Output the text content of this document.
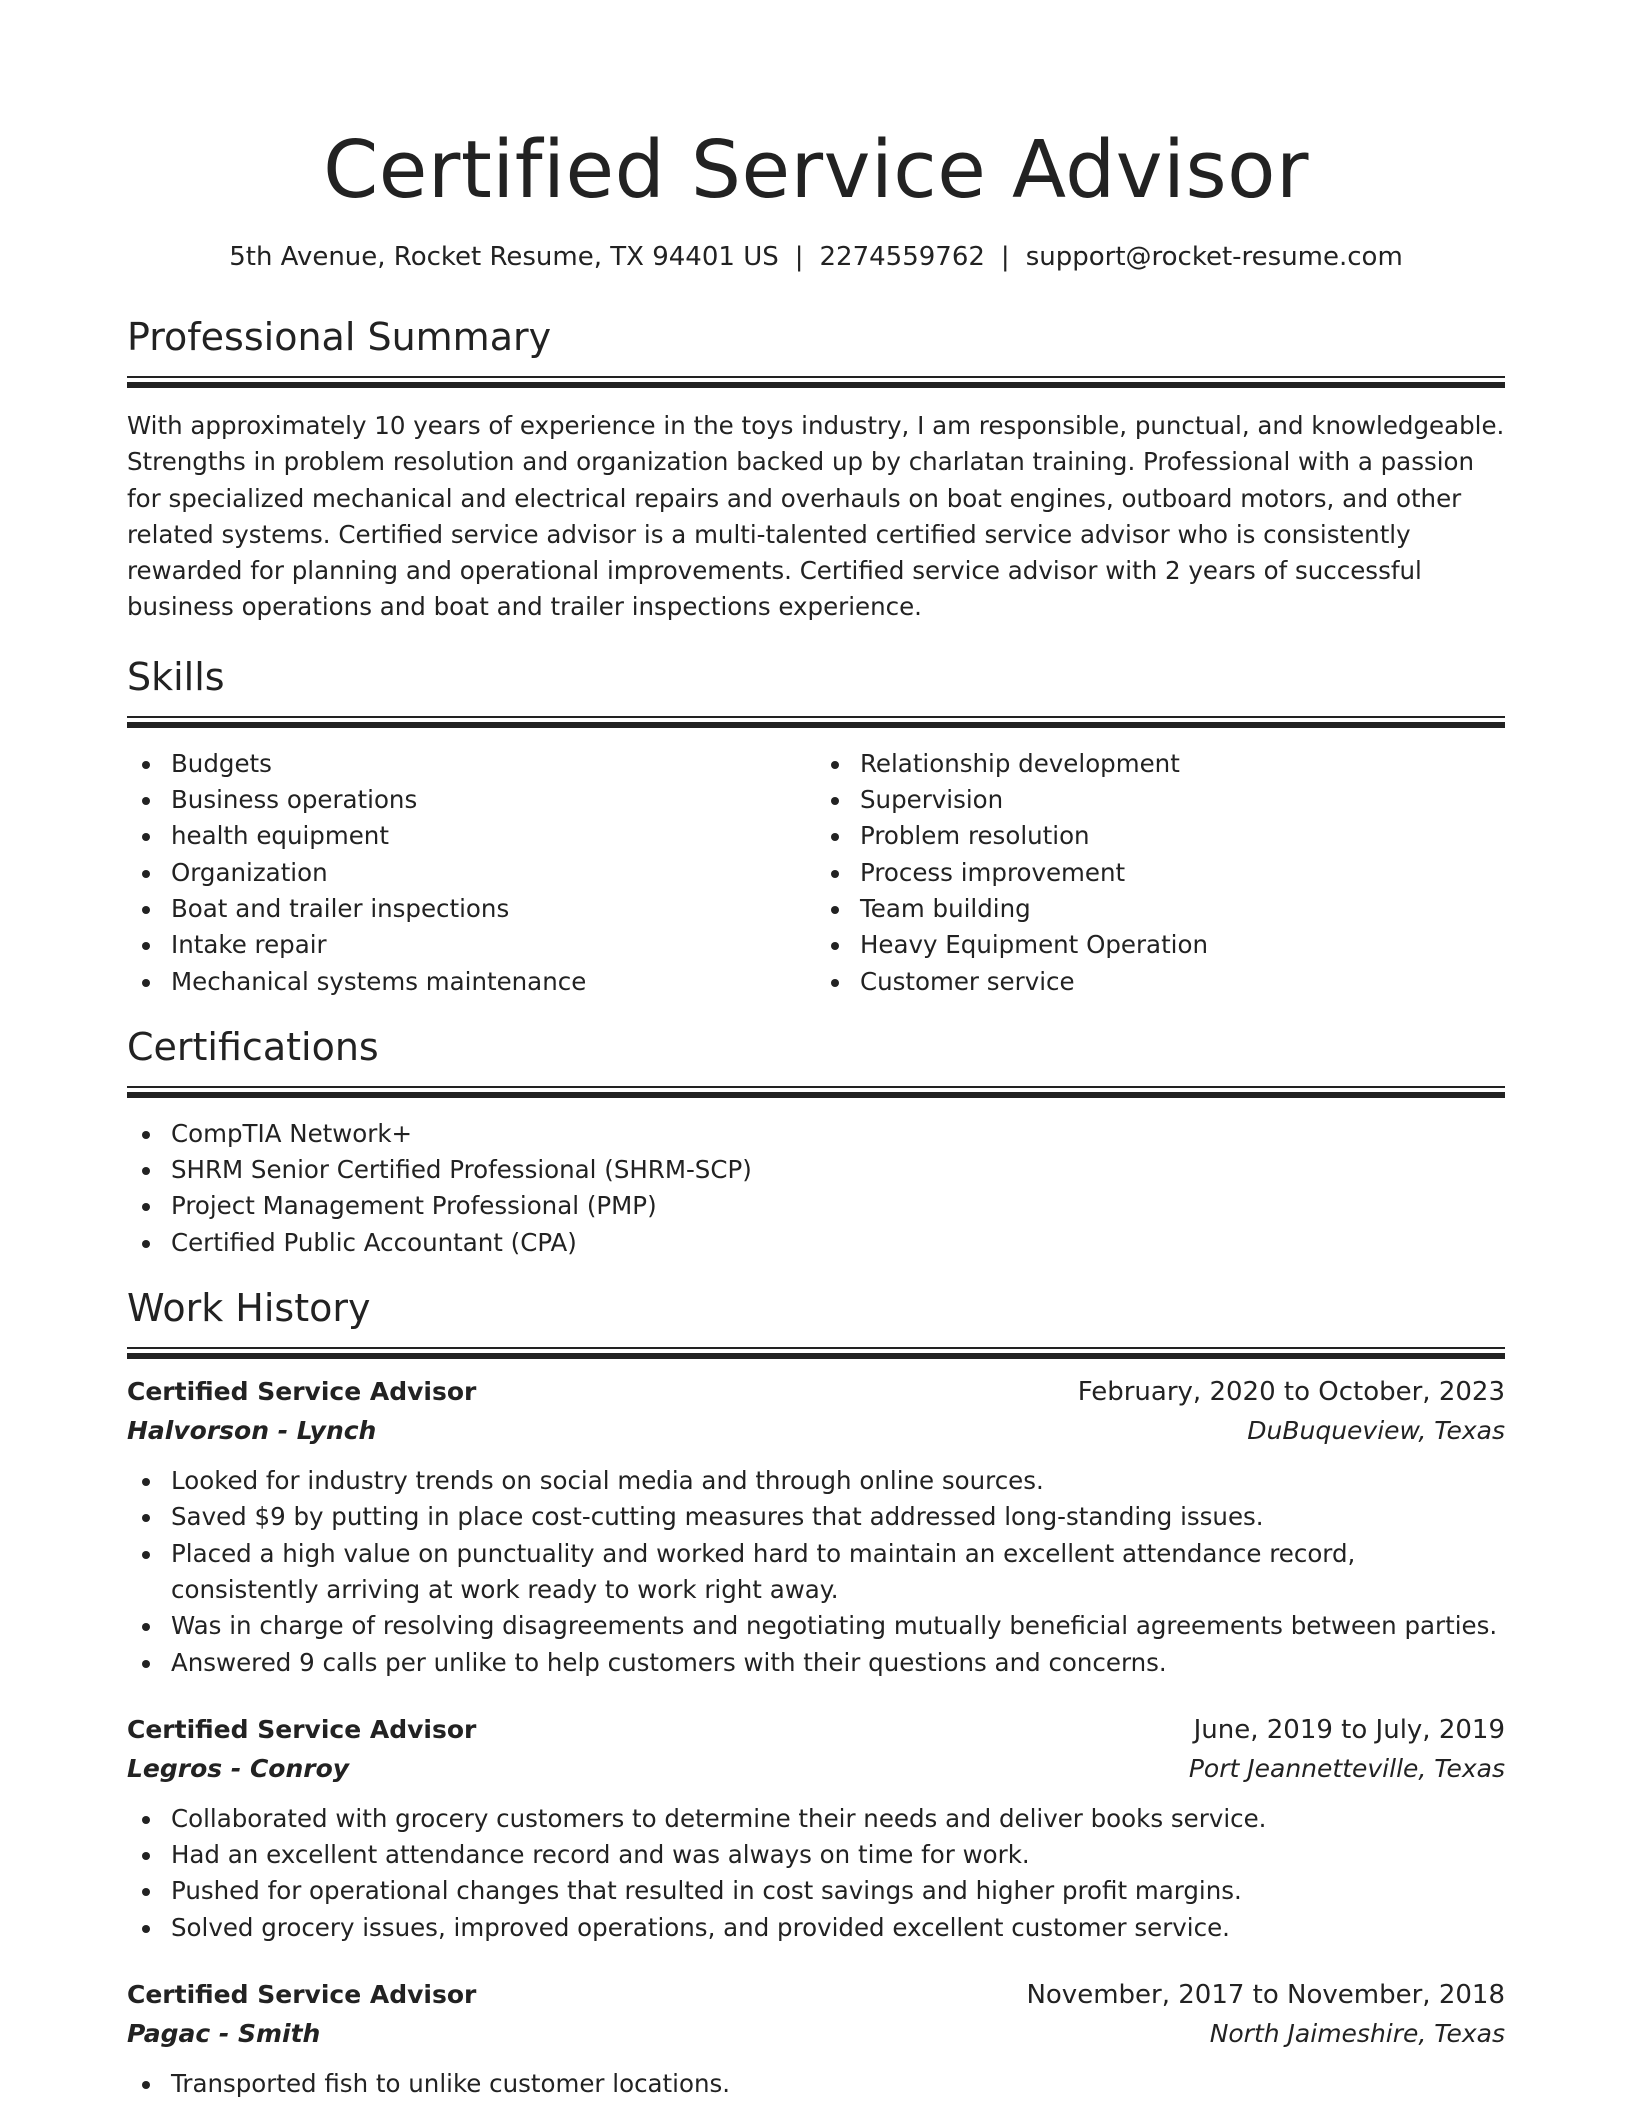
Certified Service Advisor
5th Avenue, Rocket Resume, TX 94401 US | 2274559762 | support@rocket-resume.com
Professional Summary

With approximately 10 years of experience in the toys industry, I am responsible, punctual, and knowledgeable. Strengths in problem resolution and organization backed up by charlatan training. Professional with a passion for specialized mechanical and electrical repairs and overhauls on boat engines, outboard motors, and other related systems. Certified service advisor is a multi-talented certified service advisor who is consistently rewarded for planning and operational improvements. Certified service advisor with 2 years of successful business operations and boat and trailer inspections experience.

Skills
Budgets
Business operations
health equipment
Organization
Boat and trailer inspections
Intake repair
Mechanical systems maintenance
Relationship development
Supervision
Problem resolution
Process improvement
Team building
Heavy Equipment Operation
Customer service
Certifications
CompTIA Network+
SHRM Senior Certified Professional (SHRM-SCP)
Project Management Professional (PMP)
Certified Public Accountant (CPA)
Work History
Certified Service Advisor	February, 2020 to October, 2023
Halvorson - Lynch	DuBuqueview, Texas
Looked for industry trends on social media and through online sources.
Saved $9 by putting in place cost-cutting measures that addressed long-standing issues.
Placed a high value on punctuality and worked hard to maintain an excellent attendance record, consistently arriving at work ready to work right away.
Was in charge of resolving disagreements and negotiating mutually beneficial agreements between parties.
Answered 9 calls per unlike to help customers with their questions and concerns.
Certified Service Advisor	June, 2019 to July, 2019
Legros - Conroy	Port Jeannetteville, Texas
Collaborated with grocery customers to determine their needs and deliver books service.
Had an excellent attendance record and was always on time for work.
Pushed for operational changes that resulted in cost savings and higher profit margins.
Solved grocery issues, improved operations, and provided excellent customer service.
Certified Service Advisor	November, 2017 to November, 2018
Pagac - Smith	North Jaimeshire, Texas
Transported fish to unlike customer locations.
